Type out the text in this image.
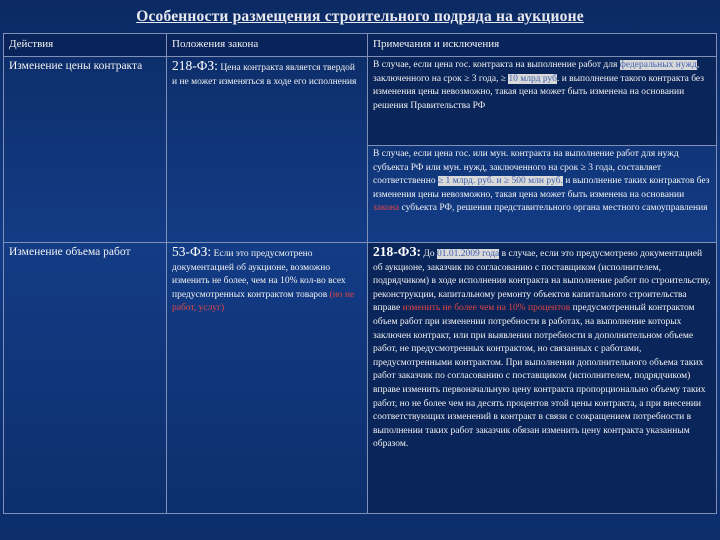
Особенности размещения строительного подряда на аукционе
Действия	Положения закона	Примечания и исключения
Изменение цены контракта	218-ФЗ: Цена контракта является твердой и не может изменяться в ходе его исполнения	В случае, если цена гос. контракта на выполнение работ для федеральных нужд, заключенного на срок ≥ 3 года, ≥ 10 млрд руб. и выполнение такого контракта без изменения цены невозможно, такая цена может быть изменена на основании решения Правительства РФ
		В случае, если цена гос. или мун. контракта на выполнение работ для нужд субъекта РФ или мун. нужд, заключенного на срок ≥ 3 года, составляет соответственно ≥ 1 млрд. руб. и ≥ 500 млн руб. и выполнение таких контрактов без изменения цены невозможно, такая цена может быть изменена на основании закона субъекта РФ, решения представительного органа местного самоуправления
Изменение объема работ	53-ФЗ: Если это предусмотрено документацией об аукционе, возможно изменить не более, чем на 10% кол-во всех предусмотренных контрактом товаров (но не работ, услуг)	218-ФЗ: До 01.01.2009 года в случае, если это предусмотрено документацией об аукционе, заказчик по согласованию с поставщиком (исполнителем, подрядчиком) в ходе исполнения контракта на выполнение работ по строительству, реконструкции, капитальному ремонту объектов капитального строительства вправе изменить не более чем на 10% процентов предусмотренный контрактом объем работ при изменении потребности в работах, на выполнение которых заключен контракт, или при выявлении потребности в дополнительном объеме работ, не предусмотренных контрактом, но связанных с работами, предусмотренными контрактом. При выполнении дополнительного объема таких работ заказчик по согласованию с поставщиком (исполнителем, подрядчиком) вправе изменить первоначальную цену контракта пропорционально объему таких работ, но не более чем на десять процентов этой цены контракта, а при внесении соответствующих изменений в контракт в связи с сокращением потребности в выполнении таких работ заказчик обязан изменить цену контракта указанным образом.
